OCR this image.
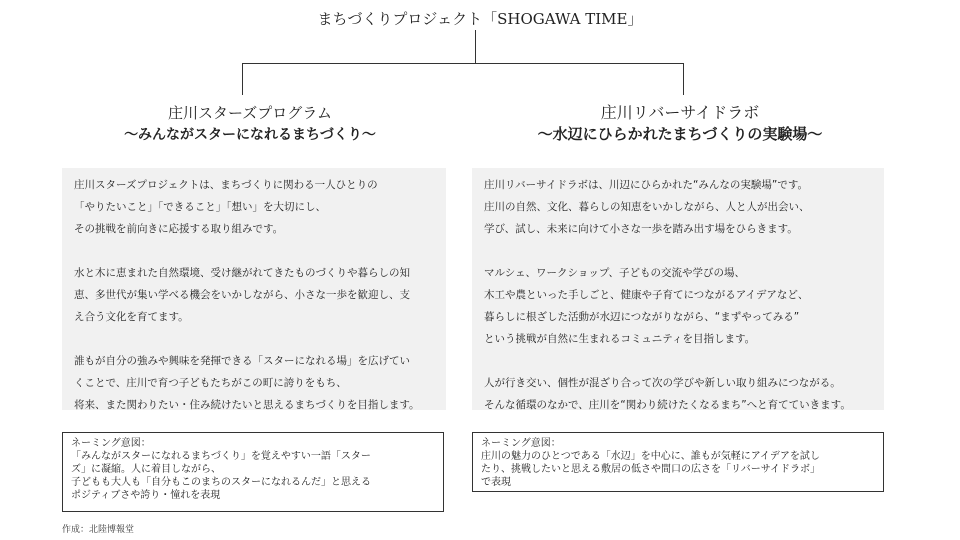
まちづくりプロジェクト「SHOGAWA TIME」
庄川スターズプログラム
〜みんながスターになれるまちづくり〜
庄川リバーサイドラボ
〜水辺にひらかれたまちづくりの実験場〜
庄川スターズプロジェクトは、まちづくりに関わる一人ひとりの
「やりたいこと」「できること」「想い」を大切にし、
その挑戦を前向きに応援する取り組みです。
水と木に恵まれた自然環境、受け継がれてきたものづくりや暮らしの知
恵、多世代が集い学べる機会をいかしながら、小さな一歩を歓迎し、支
え合う文化を育てます。
誰もが自分の強みや興味を発揮できる「スターになれる場」を広げてい
くことで、庄川で育つ子どもたちがこの町に誇りをもち、
将来、また関わりたい・住み続けたいと思えるまちづくりを目指します。
庄川リバーサイドラボは、川辺にひらかれた“みんなの実験場”です。
庄川の自然、文化、暮らしの知恵をいかしながら、人と人が出会い、
学び、試し、未来に向けて小さな一歩を踏み出す場をひらきます。
マルシェ、ワークショップ、子どもの交流や学びの場、
木工や農といった手しごと、健康や子育てにつながるアイデアなど、
暮らしに根ざした活動が水辺につながりながら、“まずやってみる”
という挑戦が自然に生まれるコミュニティを目指します。
人が行き交い、個性が混ざり合って次の学びや新しい取り組みにつながる。
そんな循環のなかで、庄川を“関わり続けたくなるまち”へと育てていきます。
ネーミング意図：
「みんながスターになれるまちづくり」を覚えやすい一語「スター
ズ」に凝縮。人に着目しながら、
子どもも大人も「自分もこのまちのスターになれるんだ」と思える
ポジティブさや誇り・憧れを表現
ネーミング意図：
庄川の魅力のひとつである「水辺」を中心に、誰もが気軽にアイデアを試し
たり、挑戦したいと思える敷居の低さや間口の広さを「リバーサイドラボ」
で表現
作成：北陸博報堂
